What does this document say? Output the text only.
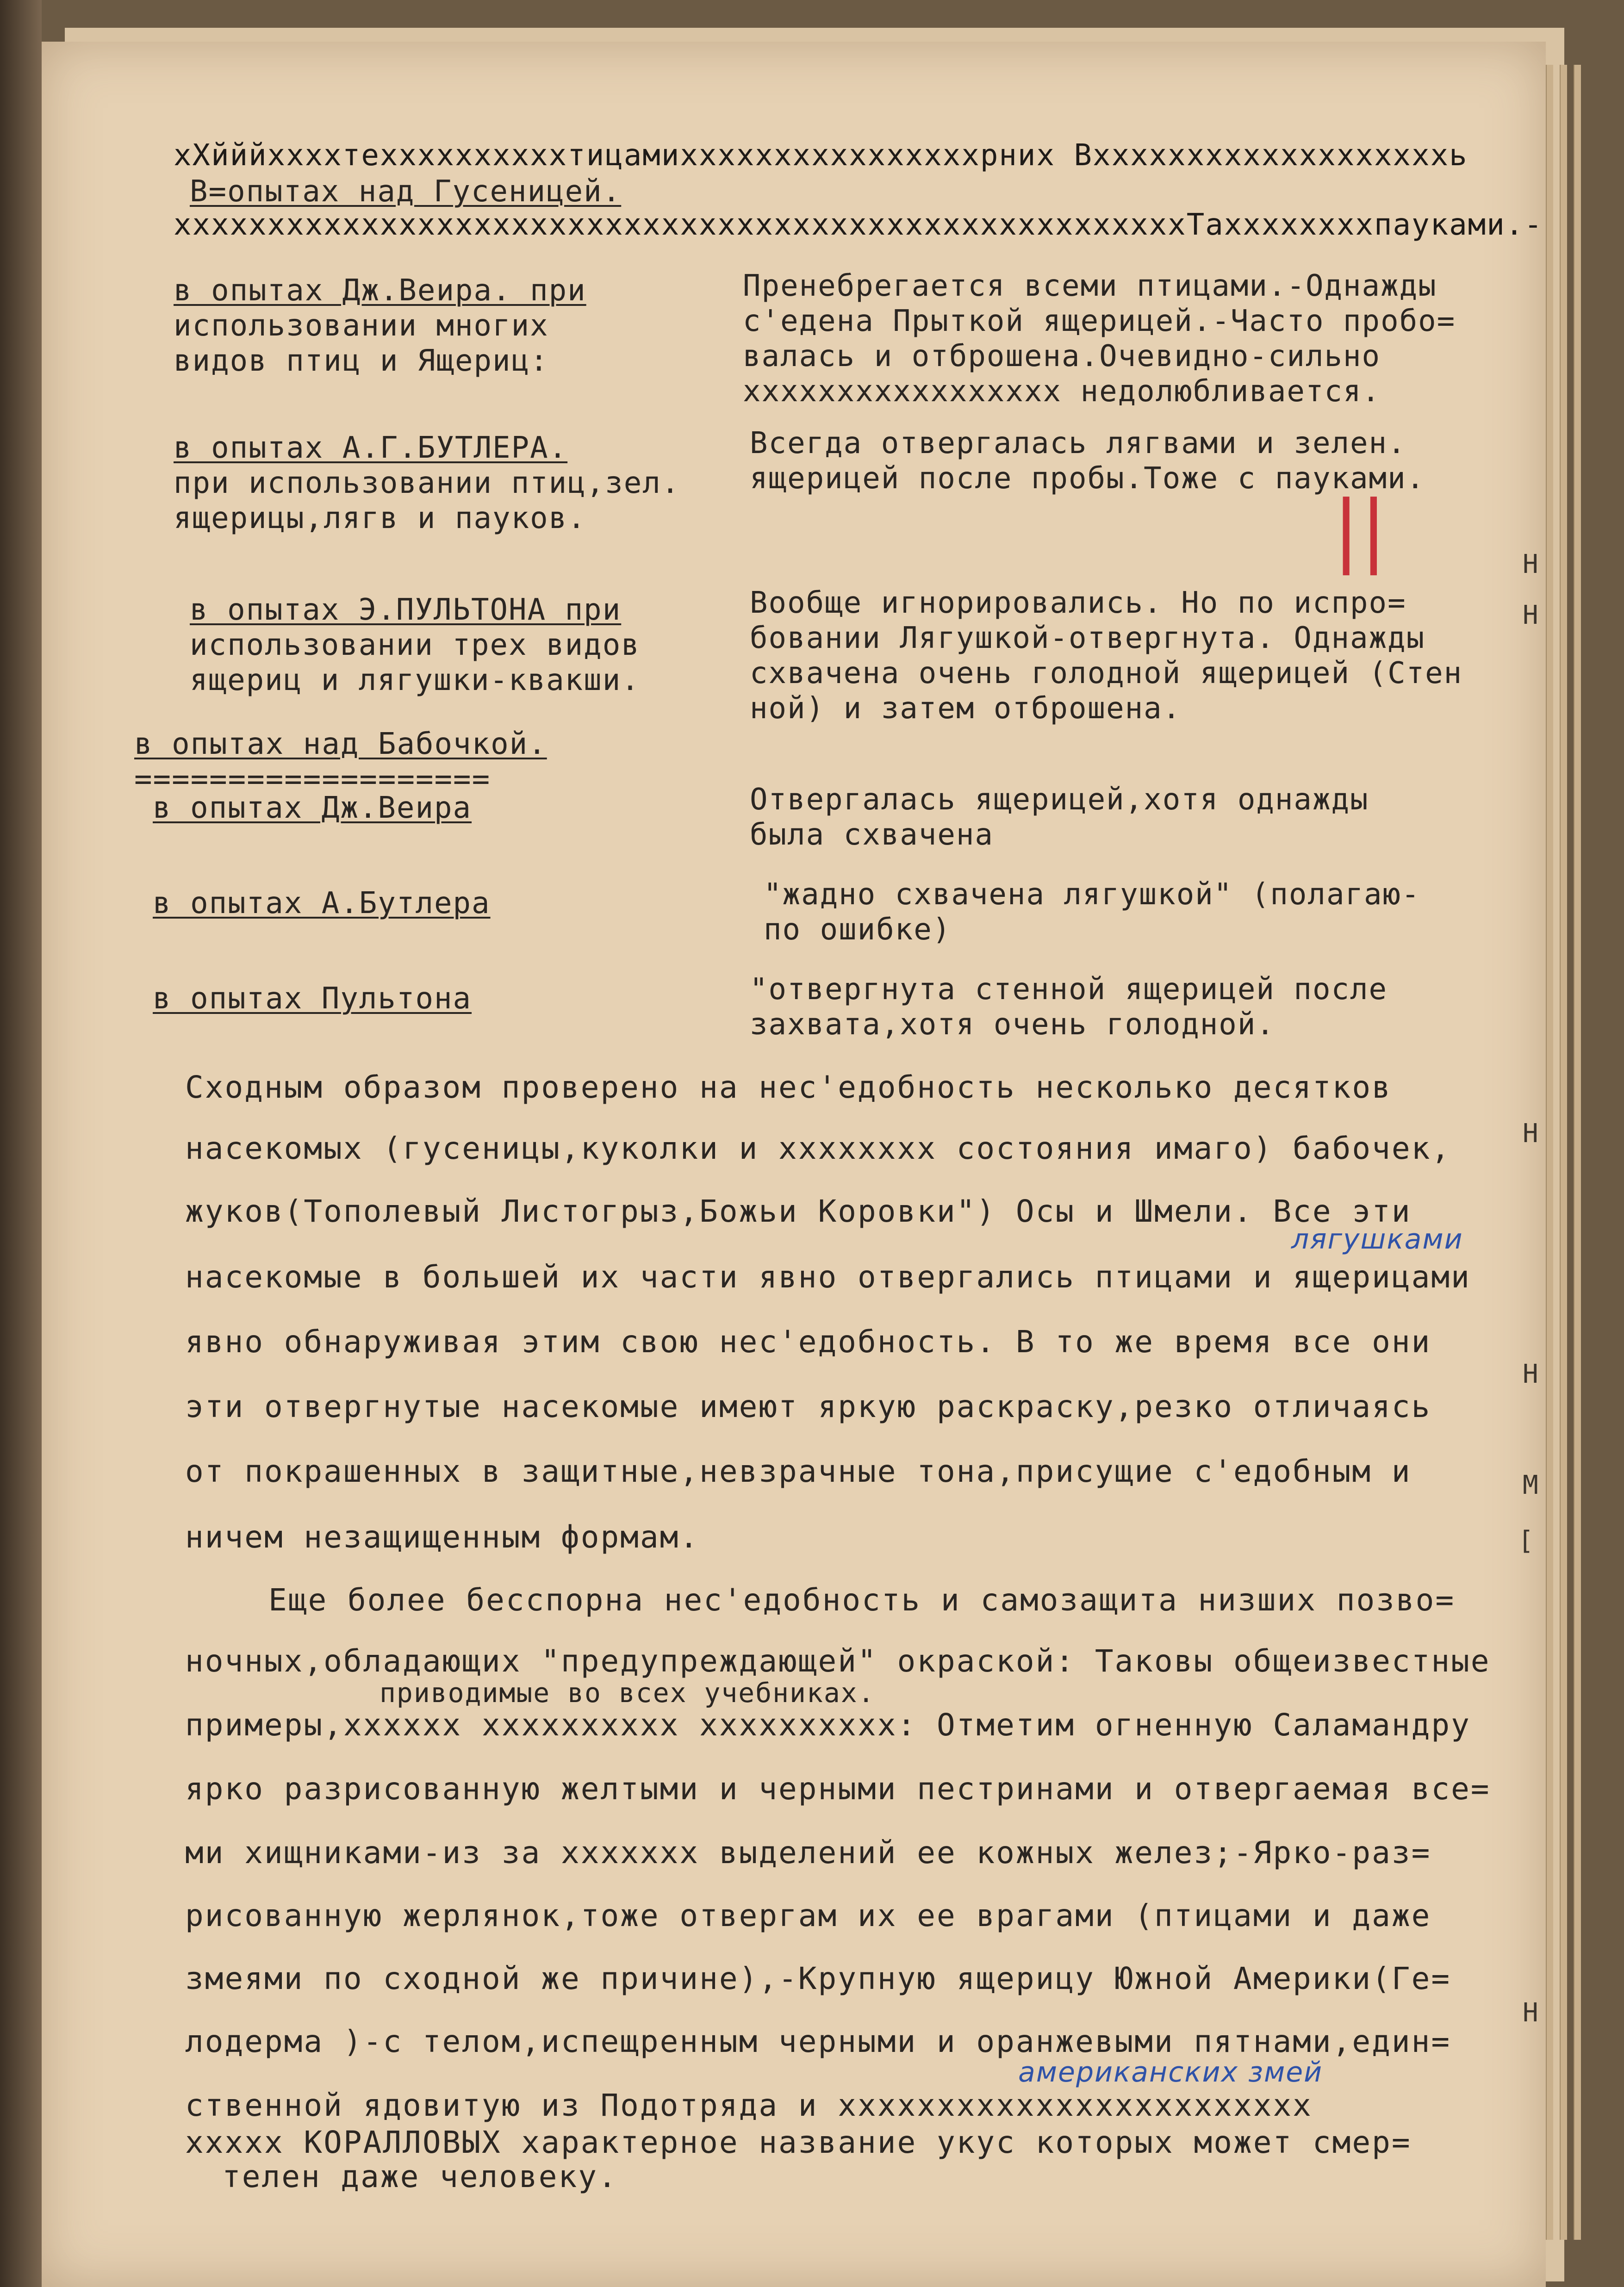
xXйййxxxxтexxxxxxxxxxтицамиxxxxxxxxxxxxxxxxрних Вxxxxxxxxxxxxxxxxxxxь

В=опытах над Гусеницей.

xxxxxxxxxxxxxxxxxxxxxxxxxxxxxxxxxxxxxxxxxxxxxxxxxxxxxxТаxxxxxxxxпауками.-

в опытах Дж.Веира. при
использовании многих
видов птиц и Ящериц:

в опытах А.Г.БУТЛЕРА.
при использовании птиц,зел.
ящерицы,лягв и пауков.

в опытах Э.ПУЛЬТОНА при
использовании трех видов
ящериц и лягушки-квакши.

в опытах над Бабочкой.
===================

в опытах Дж.Веира

в опытах А.Бутлера

в опытах Пультона

Пренебрегается всеми птицами.-Однажды
с'едена Прыткой ящерицей.-Часто пробо=
валась и отброшена.Очевидно-сильно
xxxxxxxxxxxxxxxxx недолюбливается.

Всегда отвергалась лягвами и зелен.
ящерицей после пробы.Тоже с пауками.

Вообще игнорировались. Но по испро=
бовании Лягушкой-отвергнута. Однажды
схвачена очень голодной ящерицей (Стен
ной) и затем отброшена.

Отвергалась ящерицей,хотя однажды
была схвачена

"жадно схвачена лягушкой" (полагаю-
по ошибке)

"отвергнута стенной ящерицей после
захвата,хотя очень голодной.

||

Сходным образом проверено на нес'едобность несколько десятков

насекомых (гусеницы,куколки и xxxxxxxx состояния имаго) бабочек,

жуков(Тополевый Листогрыз,Божьи Коровки") Осы и Шмели. Все эти

лягушками

насекомые в большей их части явно отвергались птицами и ящерицами

явно обнаруживая этим свою нес'едобность. В то же время все они

эти отвергнутые насекомые имеют яркую раскраску,резко отличаясь

от покрашенных в защитные,невзрачные тона,присущие с'едобным и

ничем незащищенным формам.

Еще более бесспорна нес'едобность и самозащита низших позво=

ночных,обладающих "предупреждающей" окраской: Таковы общеизвестные

приводимые во всех учебниках.

примеры,xxxxxx xxxxxxxxxx xxxxxxxxxx: Отметим огненную Саламандру

ярко разрисованную желтыми и черными пестринами и отвергаемая все=

ми хищниками-из за xxxxxxx выделений ее кожных желез;-Ярко-раз=

рисованную жерлянок,тоже отвергам их ее врагами (птицами и даже

змеями по сходной же причине),-Крупную ящерицу Южной Америки(Ге=

лодерма )-с телом,испещренным черными и оранжевыми пятнами,един=

американских змей

ственной ядовитую из Подотряда и xxxxxxxxxxxxxxxxxxxxxxxx

xxxxx КОРАЛЛОВЫХ характерное название укус которых может смер=

телен даже человеку.

H

H

H

H

M

[

H
